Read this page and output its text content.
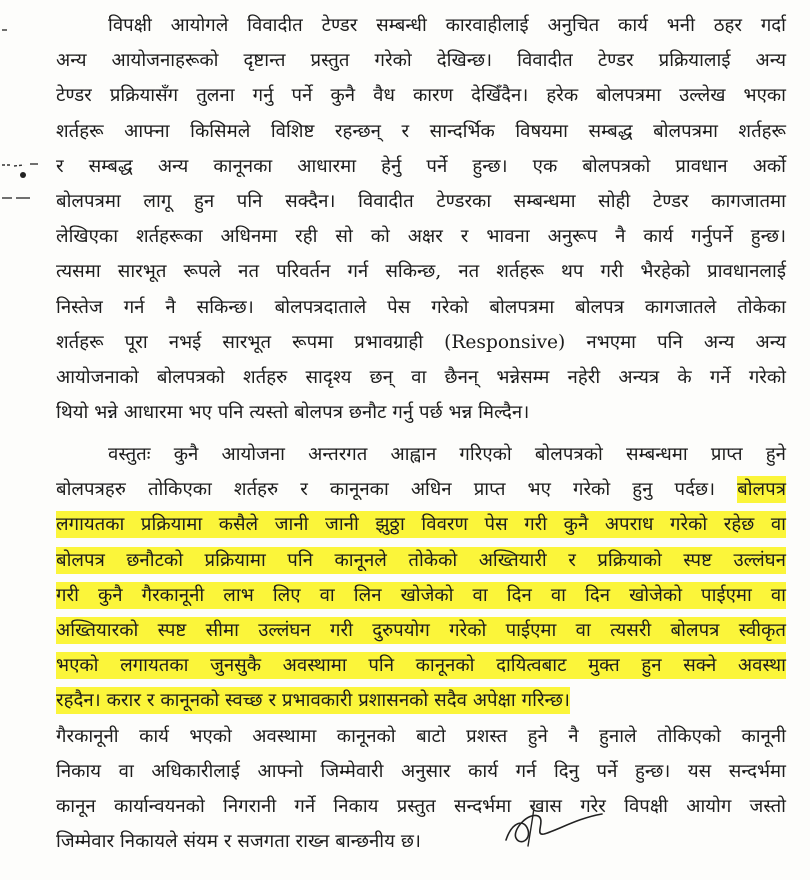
विपक्षी आयोगले विवादीत टेण्डर सम्बन्धी कारवाहीलाई अनुचित कार्य भनी ठहर गर्दा
अन्य आयोजनाहरूको दृष्टान्त प्रस्तुत गरेको देखिन्छ। विवादीत टेण्डर प्रक्रियालाई अन्य
टेण्डर प्रक्रियासँग तुलना गर्नु पर्ने कुनै वैध कारण देखिँदैन। हरेक बोलपत्रमा उल्लेख भएका
शर्तहरू आफ्ना किसिमले विशिष्ट रहन्छन् र सान्दर्भिक विषयमा सम्बद्ध बोलपत्रमा शर्तहरू
र सम्बद्ध अन्य कानूनका आधारमा हेर्नु पर्ने हुन्छ। एक बोलपत्रको प्रावधान अर्को
बोलपत्रमा लागू हुन पनि सक्दैन। विवादीत टेण्डरका सम्बन्धमा सोही टेण्डर कागजातमा
लेखिएका शर्तहरूका अधिनमा रही सो को अक्षर र भावना अनुरूप नै कार्य गर्नुपर्ने हुन्छ।
त्यसमा सारभूत रूपले नत परिवर्तन गर्न सकिन्छ, नत शर्तहरू थप गरी भैरहेको प्रावधानलाई
निस्तेज गर्न नै सकिन्छ। बोलपत्रदाताले पेस गरेको बोलपत्रमा बोलपत्र कागजातले तोकेका
शर्तहरू पूरा नभई सारभूत रूपमा प्रभावग्राही (Responsive) नभएमा पनि अन्य अन्य
आयोजनाको बोलपत्रको शर्तहरु सादृश्य छन् वा छैनन् भन्नेसम्म नहेरी अन्यत्र के गर्ने गरेको
थियो भन्ने आधारमा भए पनि त्यस्तो बोलपत्र छनौट गर्नु पर्छ भन्न मिल्दैन।
वस्तुतः कुनै आयोजना अन्तरगत आह्वान गरिएको बोलपत्रको सम्बन्धमा प्राप्त हुने
बोलपत्रहरु तोकिएका शर्तहरु र कानूनका अधिन प्राप्त भए गरेको हुनु पर्दछ। बोलपत्र
लगायतका प्रक्रियामा कसैले जानी जानी झुठ्ठा विवरण पेस गरी कुनै अपराध गरेको रहेछ वा
बोलपत्र छनौटको प्रक्रियामा पनि कानूनले तोकेको अख्तियारी र प्रक्रियाको स्पष्ट उल्लंघन
गरी कुनै गैरकानूनी लाभ लिए वा लिन खोजेको वा दिन वा दिन खोजेको पाईएमा वा
अख्तियारको स्पष्ट सीमा उल्लंघन गरी दुरुपयोग गरेको पाईएमा वा त्यसरी बोलपत्र स्वीकृत
भएको लगायतका जुनसुकै अवस्थामा पनि कानूनको दायित्वबाट मुक्त हुन सक्ने अवस्था
रहदैन। करार र कानूनको स्वच्छ र प्रभावकारी प्रशासनको सदैव अपेक्षा गरिन्छ।
गैरकानूनी कार्य भएको अवस्थामा कानूनको बाटो प्रशस्त हुने नै हुनाले तोकिएको कानूनी
निकाय वा अधिकारीलाई आफ्नो जिम्मेवारी अनुसार कार्य गर्न दिनु पर्ने हुन्छ। यस सन्दर्भमा
कानून कार्यान्वयनको निगरानी गर्ने निकाय प्रस्तुत सन्दर्भमा खास गरेर विपक्षी आयोग जस्तो
जिम्मेवार निकायले संयम र सजगता राख्न बान्छनीय छ।
